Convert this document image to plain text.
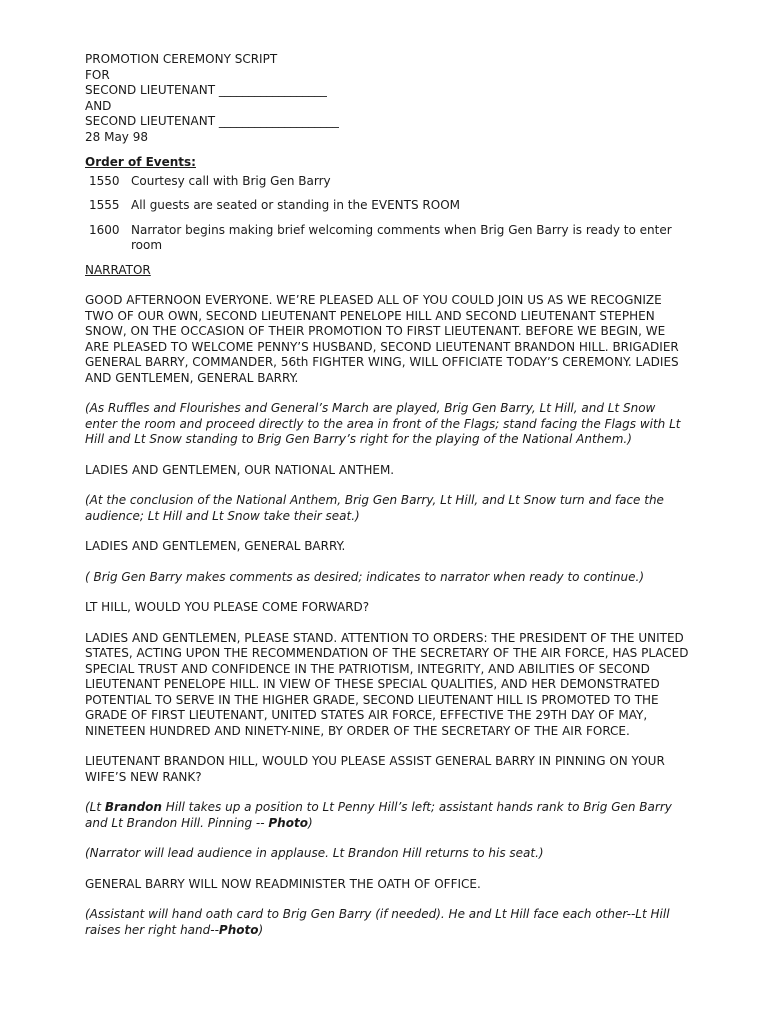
PROMOTION CEREMONY SCRIPT
FOR
SECOND LIEUTENANT __________________
AND
SECOND LIEUTENANT ____________________
28 May 98
Order of Events:
1550 Courtesy call with Brig Gen Barry
1555 All guests are seated or standing in the EVENTS ROOM
1600 Narrator begins making brief welcoming comments when Brig Gen Barry is ready to enter room
NARRATOR

GOOD AFTERNOON EVERYONE. WE’RE PLEASED ALL OF YOU COULD JOIN US AS WE RECOGNIZE TWO OF OUR OWN, SECOND LIEUTENANT PENELOPE HILL AND SECOND LIEUTENANT STEPHEN SNOW, ON THE OCCASION OF THEIR PROMOTION TO FIRST LIEUTENANT. BEFORE WE BEGIN, WE ARE PLEASED TO WELCOME PENNY’S HUSBAND, SECOND LIEUTENANT BRANDON HILL. BRIGADIER GENERAL BARRY, COMMANDER, 56th FIGHTER WING, WILL OFFICIATE TODAY’S CEREMONY. LADIES AND GENTLEMEN, GENERAL BARRY.

(As Ruffles and Flourishes and General’s March are played, Brig Gen Barry, Lt Hill, and Lt Snow enter the room and proceed directly to the area in front of the Flags; stand facing the Flags with Lt Hill and Lt Snow standing to Brig Gen Barry’s right for the playing of the National Anthem.)

LADIES AND GENTLEMEN, OUR NATIONAL ANTHEM.

(At the conclusion of the National Anthem, Brig Gen Barry, Lt Hill, and Lt Snow turn and face the audience; Lt Hill and Lt Snow take their seat.)

LADIES AND GENTLEMEN, GENERAL BARRY.

( Brig Gen Barry makes comments as desired; indicates to narrator when ready to continue.)

LT HILL, WOULD YOU PLEASE COME FORWARD?

LADIES AND GENTLEMEN, PLEASE STAND. ATTENTION TO ORDERS: THE PRESIDENT OF THE UNITED STATES, ACTING UPON THE RECOMMENDATION OF THE SECRETARY OF THE AIR FORCE, HAS PLACED SPECIAL TRUST AND CONFIDENCE IN THE PATRIOTISM, INTEGRITY, AND ABILITIES OF SECOND LIEUTENANT PENELOPE HILL. IN VIEW OF THESE SPECIAL QUALITIES, AND HER DEMONSTRATED POTENTIAL TO SERVE IN THE HIGHER GRADE, SECOND LIEUTENANT HILL IS PROMOTED TO THE GRADE OF FIRST LIEUTENANT, UNITED STATES AIR FORCE, EFFECTIVE THE 29TH DAY OF MAY, NINETEEN HUNDRED AND NINETY-NINE, BY ORDER OF THE SECRETARY OF THE AIR FORCE.

LIEUTENANT BRANDON HILL, WOULD YOU PLEASE ASSIST GENERAL BARRY IN PINNING ON YOUR WIFE’S NEW RANK?

(Lt Brandon Hill takes up a position to Lt Penny Hill’s left; assistant hands rank to Brig Gen Barry and Lt Brandon Hill. Pinning -- Photo)

(Narrator will lead audience in applause. Lt Brandon Hill returns to his seat.)

GENERAL BARRY WILL NOW READMINISTER THE OATH OF OFFICE.

(Assistant will hand oath card to Brig Gen Barry (if needed). He and Lt Hill face each other--Lt Hill raises her right hand--Photo)
